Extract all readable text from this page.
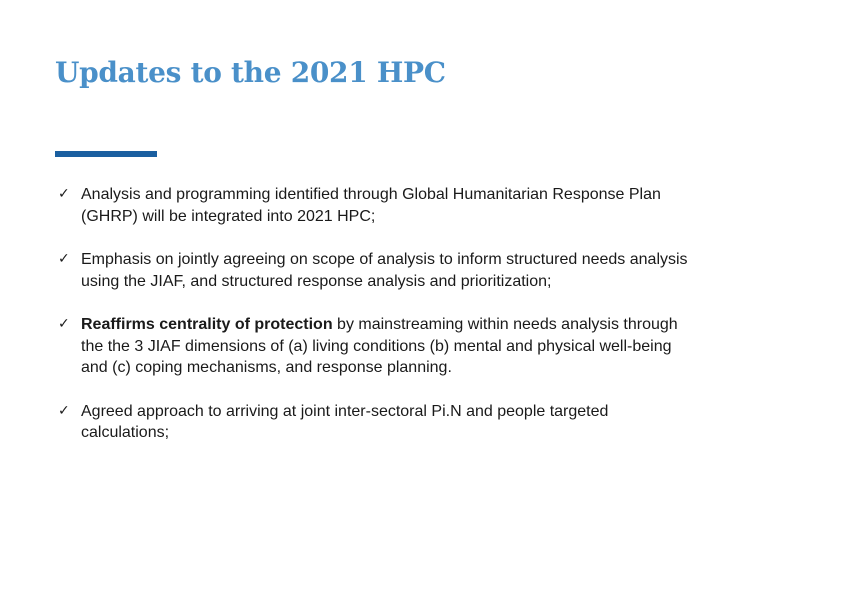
Updates to the 2021 HPC
✓ Analysis and programming identified through Global Humanitarian Response Plan (GHRP) will be integrated into 2021 HPC;
✓ Emphasis on jointly agreeing on scope of analysis to inform structured needs analysis using the JIAF, and structured response analysis and prioritization;
✓ Reaffirms centrality of protection by mainstreaming within needs analysis through the the 3 JIAF dimensions of (a) living conditions (b) mental and physical well-being and (c) coping mechanisms, and response planning.
✓ Agreed approach to arriving at joint inter-sectoral Pi.N and people targeted calculations;
